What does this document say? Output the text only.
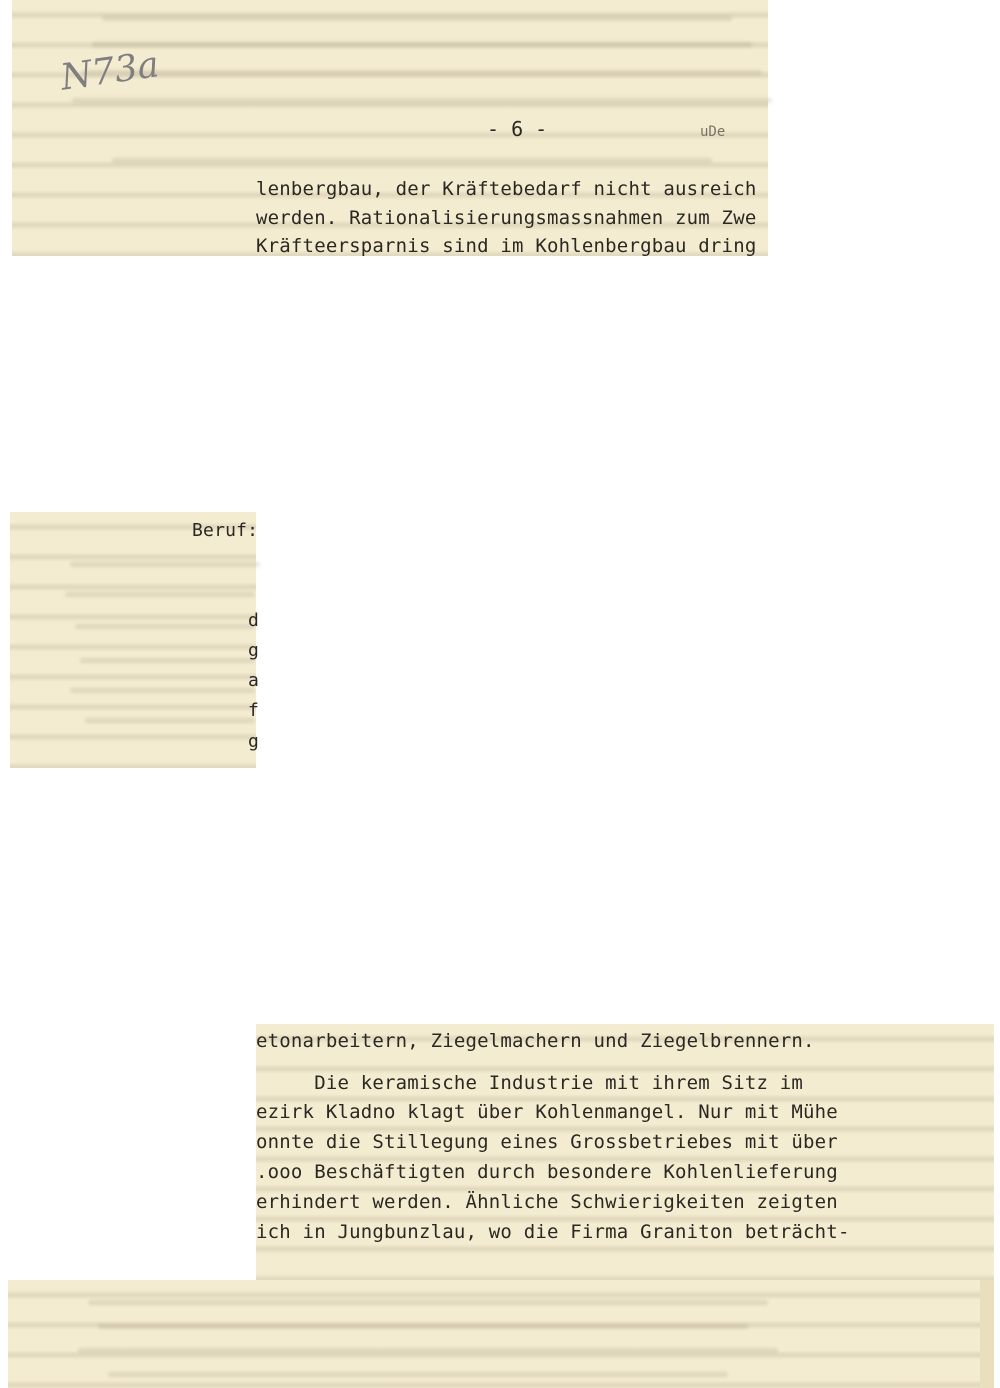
N73a
- 6 -	uDe
lenbergbau, der Kräftebedarf nicht ausreich
werden. Rationalisierungsmassnahmen zum Zwe
Kräfteersparnis sind im Kohlenbergbau dring
Beruf:
d
g
a
f
g
etonarbeitern, Ziegelmachern und Ziegelbrennern.
Die keramische Industrie mit ihrem Sitz im
ezirk Kladno klagt über Kohlenmangel. Nur mit Mühe
onnte die Stillegung eines Grossbetriebes mit über
.ooo Beschäftigten durch besondere Kohlenlieferung
erhindert werden. Ähnliche Schwierigkeiten zeigten
ich in Jungbunzlau, wo die Firma Graniton beträcht-
